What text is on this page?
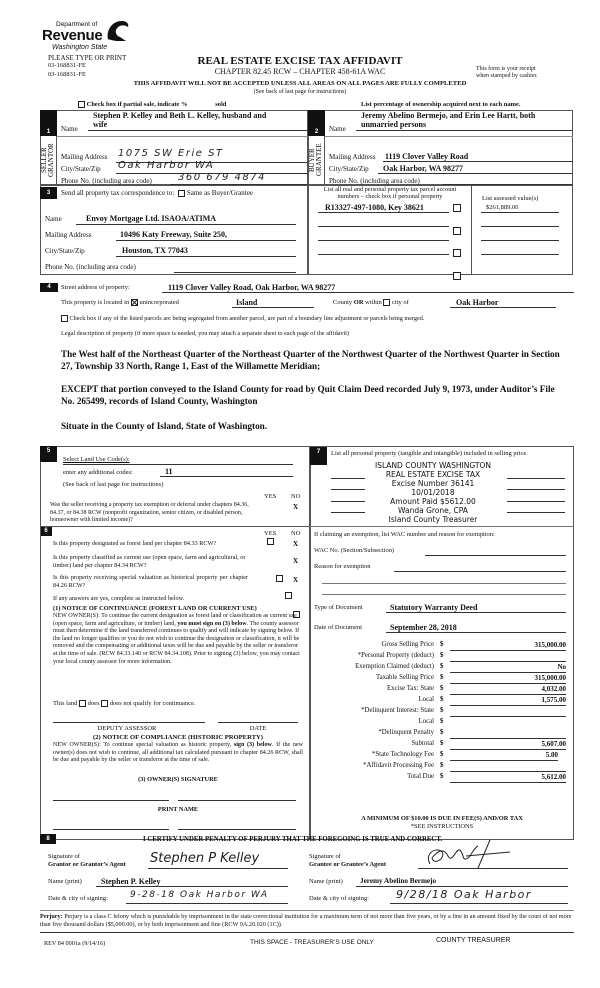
Department of
Revenue
Washington State
PLEASE TYPE OR PRINT
03-168831-FE
03-168831-FE
REAL ESTATE EXCISE TAX AFFIDAVIT
CHAPTER 82.45 RCW – CHAPTER 458-61A WAC	This form is your receipt
when stamped by cashier.
THIS AFFIDAVIT WILL NOT BE ACCEPTED UNLESS ALL AREAS ON ALL PAGES ARE FULLY COMPLETED
(See back of last page for instructions)
Check box if partial sale, indicate %	sold	List percentage of ownership acquired next to each name.
1
SELLER GRANTOR
Name
Stephen P. Kelley and Beth L. Kelley, husband and
wife
Mailing Address 1075 SW Erie ST
City/State/Zip Oak Harbor WA
Phone No. (including area code)	360 679 4874
2
BUYER GRANTEE
Name
Jeremy Abelino Bermejo, and Erin Lee Hartt, both
unmarried persons
Mailing Address 1119 Clover Valley Road
City/State/Zip Oak Harbor, WA 98277
Phone No. (including area code)
3	Send all property tax correspondence to: Same as Buyer/Grantee
Name	Envoy Mortgage Ltd. ISAOA/ATIMA
Mailing Address	10496 Katy Freeway, Suite 250,
City/State/Zip	Houston, TX 77043
Phone No. (including area code)
List all real and personal property tax parcel account
numbers – check box if personal property	List assessed value(s)
R13327-497-1080, Key 38621	$261,889.00
4	Street address of property:	1119 Clover Valley Road, Oak Harbor, WA 98277
This property is located in unincorporated	Island	County OR within city of	Oak Harbor
Check box if any of the listed parcels are being segregated from another parcel, are part of a boundary line adjustment or parcels being merged.
Legal description of property (if more space is needed, you may attach a separate sheet to each page of the affidavit)
The West half of the Northeast Quarter of the Northeast Quarter of the Northwest Quarter of the Northwest Quarter in Section 27, Township 33 North, Range 1, East of the Willamette Meridian;
EXCEPT that portion conveyed to the Island County for road by Quit Claim Deed recorded July 9, 1973, under Auditor’s File No. 265499, records of Island County, Washington
Situate in the County of Island, State of Washington.
5
Select Land Use Code(s):
enter any additional codes:	11
(See back of last page for instructions)
YES NO
Was the seller receiving a property tax exemption or deferral under chapters 84.36, 84.37, or 84.38 RCW (nonprofit organization, senior citizen, or disabled person, homeowner with limited income)?

X
6	YES NO
Is this property designated as forest land per chapter 84.33 RCW?
	X
Is this property classified as current use (open space, farm and agricultural, or timber) land per chapter 84.34 RCW?
	X
Is this property receiving special valuation as historical property per chapter 84.26 RCW?
X
If any answers are yes, complete as instructed below.
(1) NOTICE OF CONTINUANCE (FOREST LAND OR CURRENT USE)
NEW OWNER(S): To continue the current designation as forest land or classification as current use (open space, farm and agriculture, or timber) land, you must sign on (3) below. The county assessor must then determine if the land transferred continues to qualify and will indicate by signing below. If the land no longer qualifies or you do not wish to continue the designation or classification, it will be removed and the compensating or additional taxes will be due and payable by the seller or transferor at the time of sale. (RCW 84.33.140 or RCW 84.34.108). Prior to signing (3) below, you may contact your local county assessor for more information.
This land does does not qualify for continuance.
DEPUTY ASSESSOR	DATE
(2) NOTICE OF COMPLIANCE (HISTORIC PROPERTY)
NEW OWNER(S): To continue special valuation as historic property, sign (3) below. If the new owner(s) does not wish to continue, all additional tax calculated pursuant to chapter 84.26 RCW, shall be due and payable by the seller or transferor at the time of sale.
(3) OWNER(S) SIGNATURE
PRINT NAME
7	List all personal property (tangible and intangible) included in selling price.
ISLAND COUNTY WASHINGTON
REAL ESTATE EXCISE TAX
Excise Number 36141
10/01/2018
Amount Paid $5612.00
Wanda Grone, CPA
Island County Treasurer
If claiming an exemption, list WAC number and reason for exemption:
WAC No. (Section/Subsection)
Reason for exemption
Type of Document	Statutory Warranty Deed
Date of Document	September 28, 2018
Gross Selling Price $	315,000.00
*Personal Property (deduct) $
Exemption Claimed (deduct) $	No
Taxable Selling Price $	315,000.00
Excise Tax: State $	4,032.00
Local $	1,575.00
*Delinquent Interest: State $
Local $
*Delinquent Penalty $
Subtotal $	5,607.00
*State Technology Fee $	5.00
*Affidavit Processing Fee $
Total Due $	5,612.00
A MINIMUM OF $10.00 IS DUE IN FEE(S) AND/OR TAX
*SEE INSTRUCTIONS
8	I CERTIFY UNDER PENALTY OF PERJURY THAT THE FOREGOING IS TRUE AND CORRECT.
Signature of
Grantor or Grantor’s Agent Stephen P Kelley
Name (print) Stephen P. Kelley
Date & city of signing: 9-28-18 Oak Harbor WA
Signature of
Grantee or Grantee’s Agent
Name (print) Jeremy Abelino Bermejo
Date & city of signing: 9/28/18 Oak Harbor
Perjury: Perjury is a class C felony which is punishable by imprisonment in the state correctional institution for a maximum term of not more than five years, or by a fine in an amount fixed by the court of not more than five thousand dollars ($5,000.00), or by both imprisonment and fine (RCW 9A.20.020 (1C)).
REV 84 0001a (9/14/16)	THIS SPACE - TREASURER’S USE ONLY	COUNTY TREASURER
